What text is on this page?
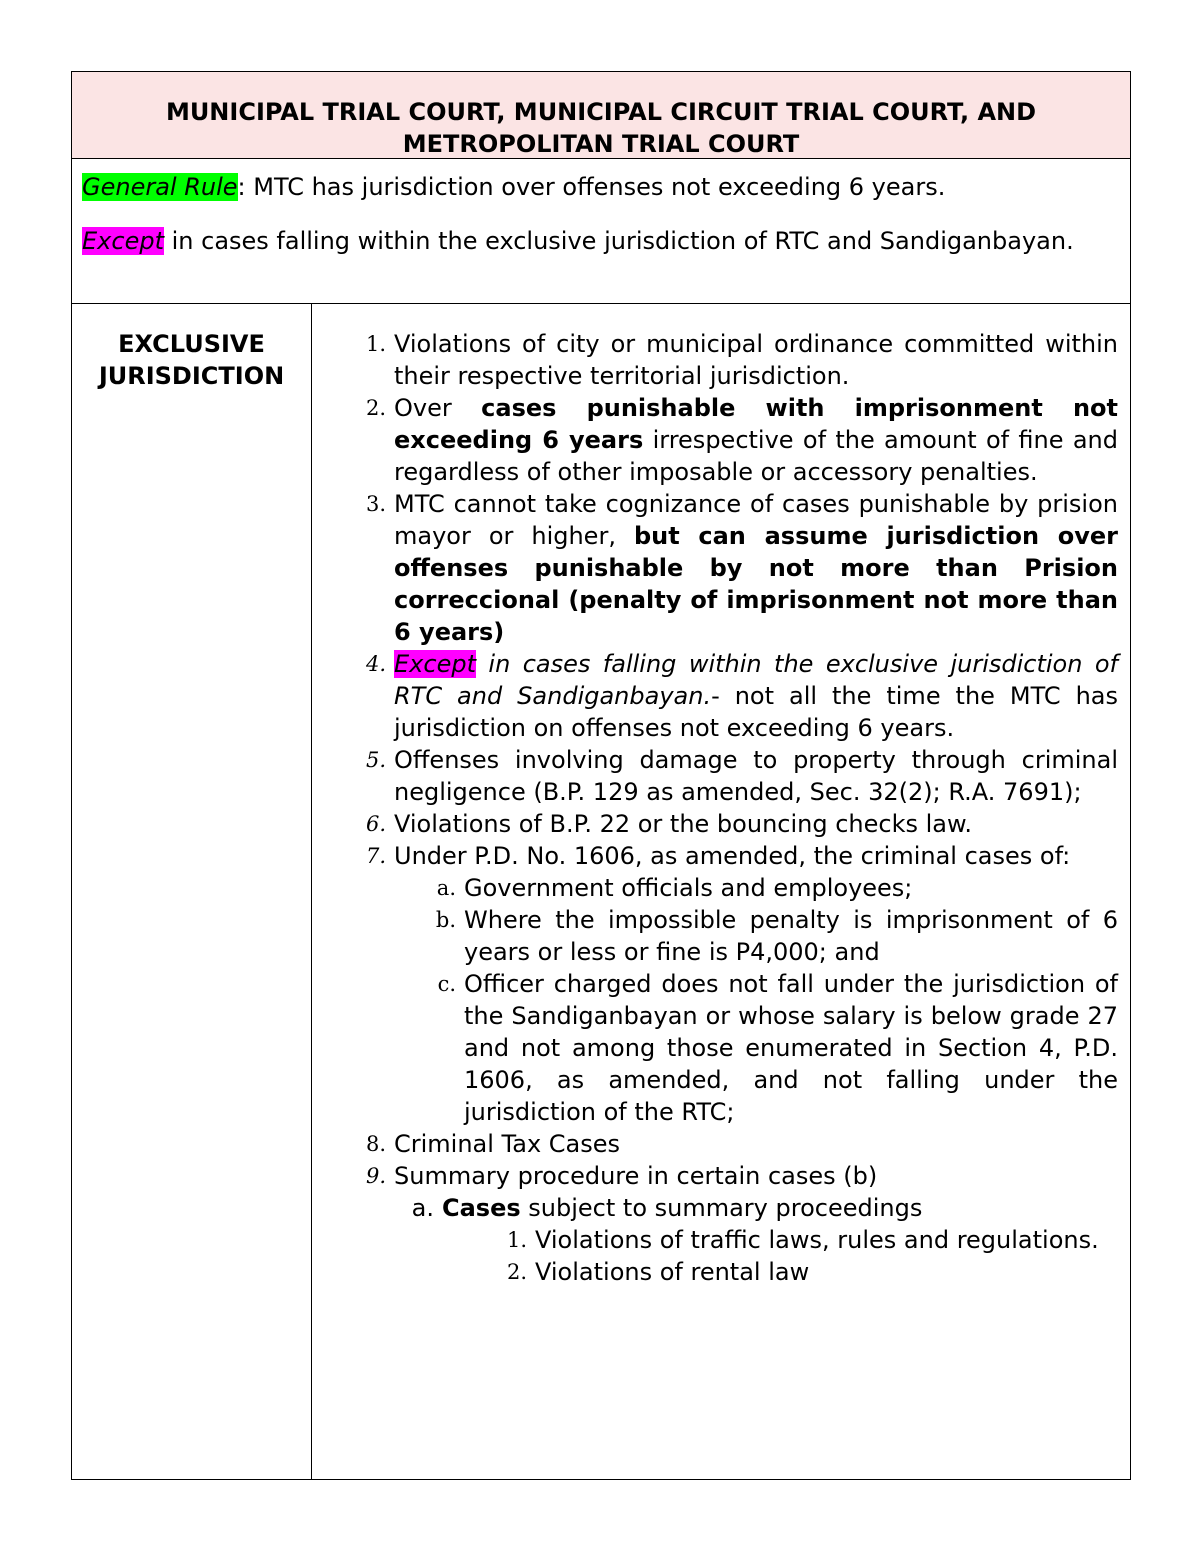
MUNICIPAL TRIAL COURT, MUNICIPAL CIRCUIT TRIAL COURT, AND
METROPOLITAN TRIAL COURT

General Rule: MTC has jurisdiction over offenses not exceeding 6 years.

Except in cases falling within the exclusive jurisdiction of RTC and Sandiganbayan.

EXCLUSIVE
JURISDICTION
1. Violations of city or municipal ordinance committed within their respective territorial jurisdiction.
2. Over cases punishable with imprisonment not exceeding 6 years irrespective of the amount of fine and regardless of other imposable or accessory penalties.
3. MTC cannot take cognizance of cases punishable by prision mayor or higher, but can assume jurisdiction over offenses punishable by not more than Prision correccional (penalty of imprisonment not more than 6 years)
4. Except in cases falling within the exclusive jurisdiction of RTC and Sandiganbayan.- not all the time the MTC has jurisdiction on offenses not exceeding 6 years.
5. Offenses involving damage to property through criminal negligence (B.P. 129 as amended, Sec. 32(2); R.A. 7691);
6. Violations of B.P. 22 or the bouncing checks law.
7. Under P.D. No. 1606, as amended, the criminal cases of:
a. Government officials and employees;
b. Where the impossible penalty is imprisonment of 6 years or less or fine is P4,000; and
c. Officer charged does not fall under the jurisdiction of the Sandiganbayan or whose salary is below grade 27 and not among those enumerated in Section 4, P.D. 1606, as amended, and not falling under the jurisdiction of the RTC;
8. Criminal Tax Cases
9. Summary procedure in certain cases (b)
a. Cases subject to summary proceedings
1. Violations of traffic laws, rules and regulations.
2. Violations of rental law
